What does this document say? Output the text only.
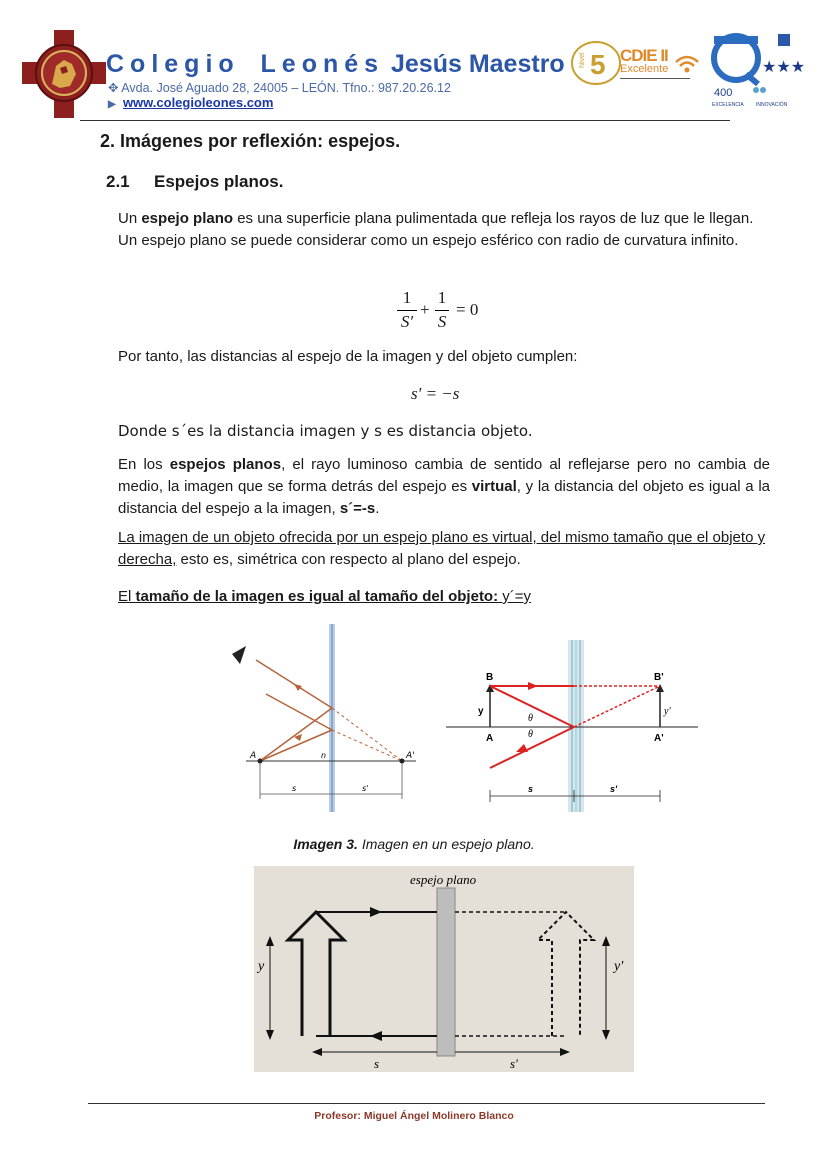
Colegio Leonés Jesús Maestro
✥ Avda. José Aguado 28, 24005 – LEÓN. Tfno.: 987.20.26.12
▶ www.colegioleones.com
Nivel 5 CDIE II
Excelente	★★★
400
EXCELENCIA INNOVACIÓN
2. Imágenes por reflexión: espejos.
2.1 Espejos planos.
Un espejo plano es una superficie plana pulimentada que refleja los rayos de luz que le llegan. Un espejo plano se puede considerar como un espejo esférico con radio de curvatura infinito.
1
S′
+
1
S
= 0
Por tanto, las distancias al espejo de la imagen y del objeto cumplen:
s′ = −s
Donde s´es la distancia imagen y s es distancia objeto.
En los espejos planos, el rayo luminoso cambia de sentido al reflejarse pero no cambia de medio, la imagen que se forma detrás del espejo es virtual, y la distancia del objeto es igual a la distancia del espejo a la imagen, s´=-s.
La imagen de un objeto ofrecida por un espejo plano es virtual, del mismo tamaño que el objeto y derecha, esto es, simétrica con respecto al plano del espejo.
El tamaño de la imagen es igual al tamaño del objeto: y´=y
A	n	A'
s	s'
B	B'
y	y'
θ
θ
A	A'
s	s'
Imagen 3. Imagen en un espejo plano.
espejo plano
y	y'
s	s'
Profesor: Miguel Ángel Molinero Blanco
